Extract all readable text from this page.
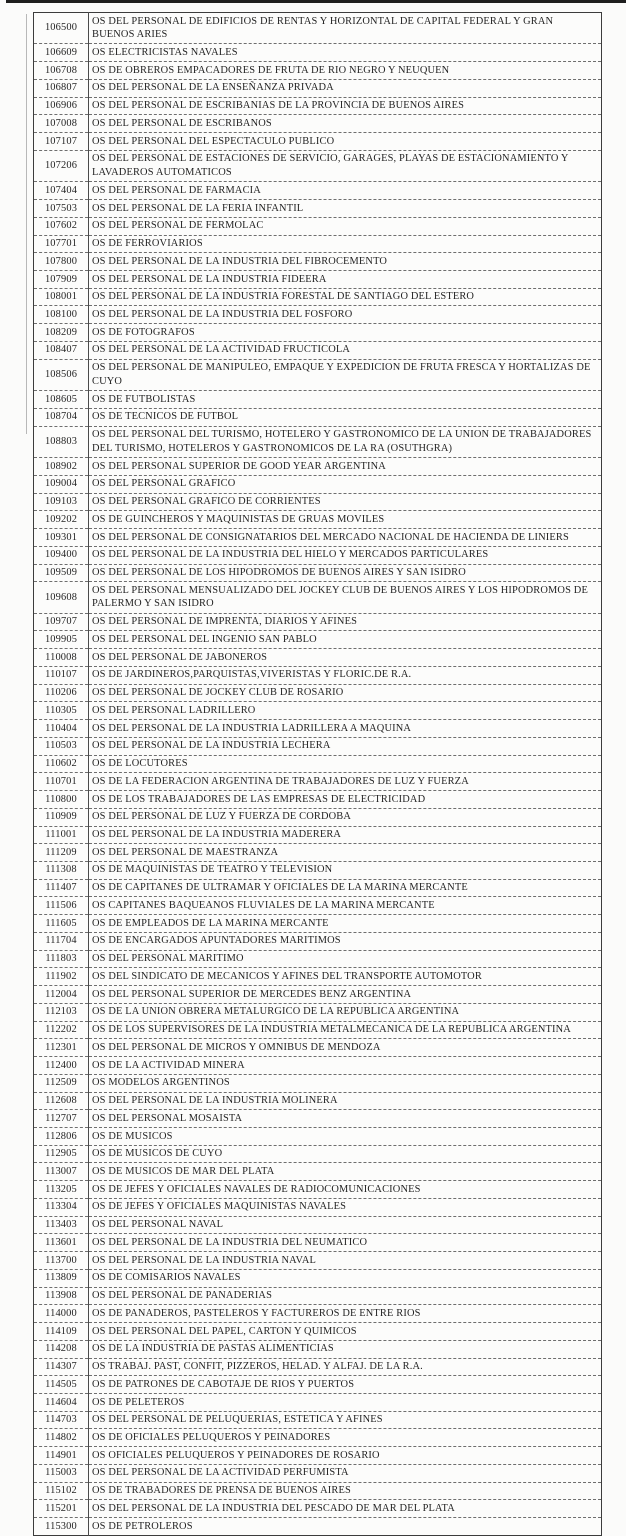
106500	OS DEL PERSONAL DE EDIFICIOS DE RENTAS Y HORIZONTAL DE CAPITAL FEDERAL Y GRAN BUENOS ARIES
106609	OS ELECTRICISTAS NAVALES
106708	OS DE OBREROS EMPACADORES DE FRUTA DE RIO NEGRO Y NEUQUEN
106807	OS DEL PERSONAL DE LA ENSEÑANZA PRIVADA
106906	OS DEL PERSONAL DE ESCRIBANIAS DE LA PROVINCIA DE BUENOS AIRES
107008	OS DEL PERSONAL DE ESCRIBANOS
107107	OS DEL PERSONAL DEL ESPECTACULO PUBLICO
107206	OS DEL PERSONAL DE ESTACIONES DE SERVICIO, GARAGES, PLAYAS DE ESTACIONAMIENTO Y LAVADEROS AUTOMATICOS
107404	OS DEL PERSONAL DE FARMACIA
107503	OS DEL PERSONAL DE LA FERIA INFANTIL
107602	OS DEL PERSONAL DE FERMOLAC
107701	OS DE FERROVIARIOS
107800	OS DEL PERSONAL DE LA INDUSTRIA DEL FIBROCEMENTO
107909	OS DEL PERSONAL DE LA INDUSTRIA FIDEERA
108001	OS DEL PERSONAL DE LA INDUSTRIA FORESTAL DE SANTIAGO DEL ESTERO
108100	OS DEL PERSONAL DE LA INDUSTRIA DEL FOSFORO
108209	OS DE FOTOGRAFOS
108407	OS DEL PERSONAL DE LA ACTIVIDAD FRUCTICOLA
108506	OS DEL PERSONAL DE MANIPULEO, EMPAQUE Y EXPEDICION DE FRUTA FRESCA Y HORTALIZAS DE CUYO
108605	OS DE FUTBOLISTAS
108704	OS DE TECNICOS DE FUTBOL
108803	OS DEL PERSONAL DEL TURISMO, HOTELERO Y GASTRONOMICO DE LA UNION DE TRABAJADORES DEL TURISMO, HOTELEROS Y GASTRONOMICOS DE LA RA (OSUTHGRA)
108902	OS DEL PERSONAL SUPERIOR DE GOOD YEAR ARGENTINA
109004	OS DEL PERSONAL GRAFICO
109103	OS DEL PERSONAL GRAFICO DE CORRIENTES
109202	OS DE GUINCHEROS Y MAQUINISTAS DE GRUAS MOVILES
109301	OS DEL PERSONAL DE CONSIGNATARIOS DEL MERCADO NACIONAL DE HACIENDA DE LINIERS
109400	OS DEL PERSONAL DE LA INDUSTRIA DEL HIELO Y MERCADOS PARTICULARES
109509	OS DEL PERSONAL DE LOS HIPODROMOS DE BUENOS AIRES Y SAN ISIDRO
109608	OS DEL PERSONAL MENSUALIZADO DEL JOCKEY CLUB DE BUENOS AIRES Y LOS HIPODROMOS DE PALERMO Y SAN ISIDRO
109707	OS DEL PERSONAL DE IMPRENTA, DIARIOS Y AFINES
109905	OS DEL PERSONAL DEL INGENIO SAN PABLO
110008	OS DEL PERSONAL DE JABONEROS
110107	OS DE JARDINEROS,PARQUISTAS,VIVERISTAS Y FLORIC.DE R.A.
110206	OS DEL PERSONAL DE JOCKEY CLUB DE ROSARIO
110305	OS DEL PERSONAL LADRILLERO
110404	OS DEL PERSONAL DE LA INDUSTRIA LADRILLERA A MAQUINA
110503	OS DEL PERSONAL DE LA INDUSTRIA LECHERA
110602	OS DE LOCUTORES
110701	OS DE LA FEDERACION ARGENTINA DE TRABAJADORES DE LUZ Y FUERZA
110800	OS DE LOS TRABAJADORES DE LAS EMPRESAS DE ELECTRICIDAD
110909	OS DEL PERSONAL DE LUZ Y FUERZA DE CORDOBA
111001	OS DEL PERSONAL DE LA INDUSTRIA MADERERA
111209	OS DEL PERSONAL DE MAESTRANZA
111308	OS DE MAQUINISTAS DE TEATRO Y TELEVISION
111407	OS DE CAPITANES DE ULTRAMAR Y OFICIALES DE LA MARINA MERCANTE
111506	OS CAPITANES BAQUEANOS FLUVIALES DE LA MARINA MERCANTE
111605	OS DE EMPLEADOS DE LA MARINA MERCANTE
111704	OS DE ENCARGADOS APUNTADORES MARITIMOS
111803	OS DEL PERSONAL MARITIMO
111902	OS DEL SINDICATO DE MECANICOS Y AFINES DEL TRANSPORTE AUTOMOTOR
112004	OS DEL PERSONAL SUPERIOR DE MERCEDES BENZ ARGENTINA
112103	OS DE LA UNION OBRERA METALURGICO DE LA REPUBLICA ARGENTINA
112202	OS DE LOS SUPERVISORES DE LA INDUSTRIA METALMECANICA DE LA REPUBLICA ARGENTINA
112301	OS DEL PERSONAL DE MICROS Y OMNIBUS DE MENDOZA
112400	OS DE LA ACTIVIDAD MINERA
112509	OS MODELOS ARGENTINOS
112608	OS DEL PERSONAL DE LA INDUSTRIA MOLINERA
112707	OS DEL PERSONAL MOSAISTA
112806	OS DE MUSICOS
112905	OS DE MUSICOS DE CUYO
113007	OS DE MUSICOS DE MAR DEL PLATA
113205	OS DE JEFES Y OFICIALES NAVALES DE RADIOCOMUNICACIONES
113304	OS DE JEFES Y OFICIALES MAQUINISTAS NAVALES
113403	OS DEL PERSONAL NAVAL
113601	OS DEL PERSONAL DE LA INDUSTRIA DEL NEUMATICO
113700	OS DEL PERSONAL DE LA INDUSTRIA NAVAL
113809	OS DE COMISARIOS NAVALES
113908	OS DEL PERSONAL DE PANADERIAS
114000	OS DE PANADEROS, PASTELEROS Y FACTUREROS DE ENTRE RIOS
114109	OS DEL PERSONAL DEL PAPEL, CARTON Y QUIMICOS
114208	OS DE LA INDUSTRIA DE PASTAS ALIMENTICIAS
114307	OS TRABAJ. PAST, CONFIT, PIZZEROS, HELAD. Y ALFAJ. DE LA R.A.
114505	OS DE PATRONES DE CABOTAJE DE RIOS Y PUERTOS
114604	OS DE PELETEROS
114703	OS DEL PERSONAL DE PELUQUERIAS, ESTETICA Y AFINES
114802	OS DE OFICIALES PELUQUEROS Y PEINADORES
114901	OS OFICIALES PELUQUEROS Y PEINADORES DE ROSARIO
115003	OS DEL PERSONAL DE LA ACTIVIDAD PERFUMISTA
115102	OS DE TRABADORES DE PRENSA DE BUENOS AIRES
115201	OS DEL PERSONAL DE LA INDUSTRIA DEL PESCADO DE MAR DEL PLATA
115300	OS DE PETROLEROS
